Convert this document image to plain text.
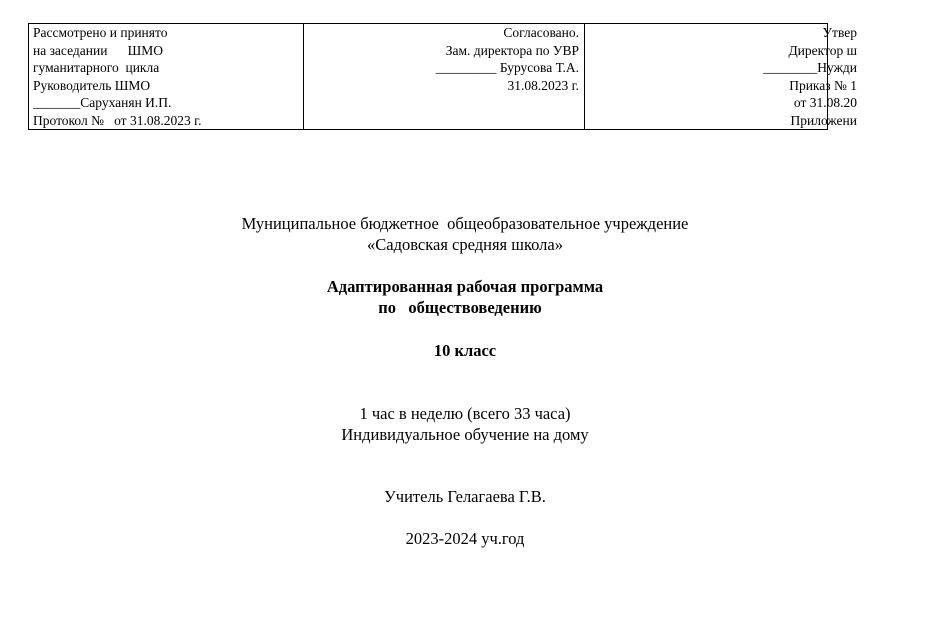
Рассмотрено и принято
на заседании      ШМО
гуманитарного  цикла
Руководитель ШМО
_______Саруханян И.П.
Протокол №   от 31.08.2023 г.

Согласовано.
Зам. директора по УВР
_________ Бурусова Т.А.
31.08.2023 г.

Утвер
Директор ш
________Нужди
Приказ № 1
от 31.08.20
Приложени
Муниципальное бюджетное  общеобразовательное учреждение
«Садовская средняя школа»
Адаптированная рабочая программа
по   обществоведению
10 класс
1 час в неделю (всего 33 часа)
Индивидуальное обучение на дому
Учитель Гелагаева Г.В.
2023-2024 уч.год
